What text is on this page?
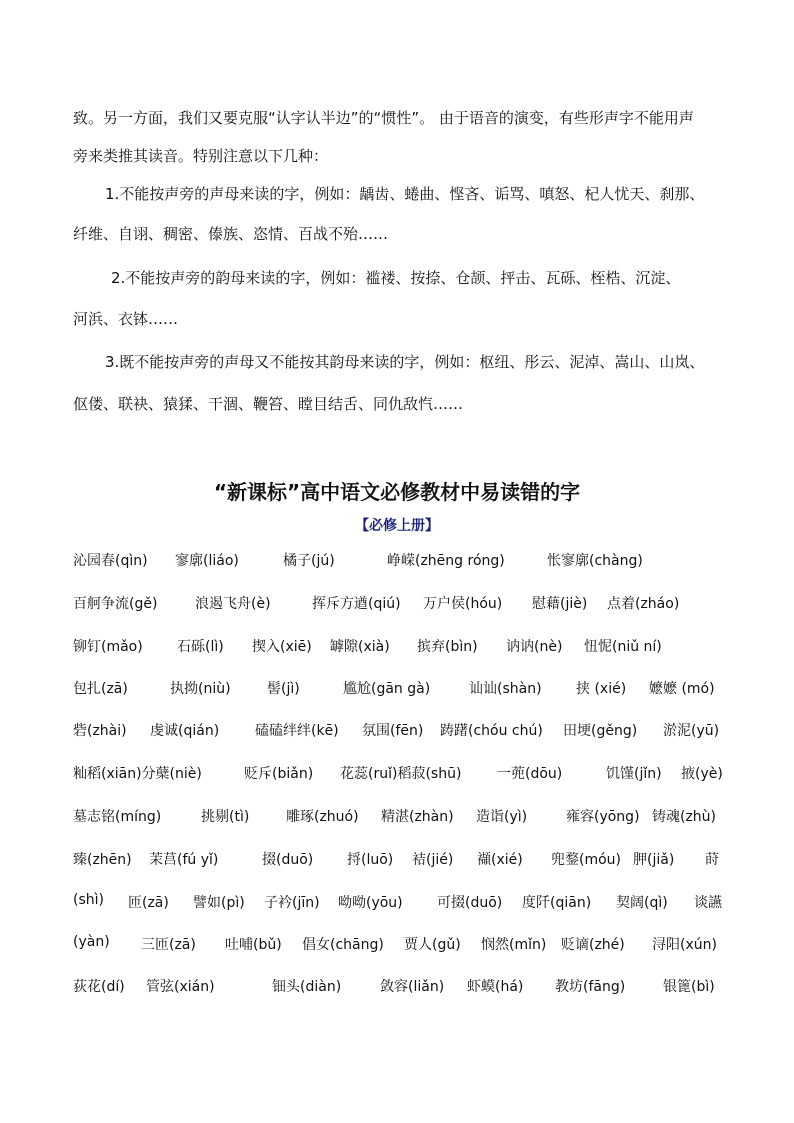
致。另一方面，我们又要克服“认字认半边”的“惯性”。 由于语音的演变，有些形声字不能用声
旁来类推其读音。特别注意以下几种：
1.不能按声旁的声母来读的字，例如：龋齿、蜷曲、悭吝、诟骂、嗔怒、杞人忧天、刹那、
纤维、自诩、稠密、傣族、恣情、百战不殆……
2.不能按声旁的韵母来读的字，例如：褴褛、按捺、仓颉、抨击、瓦砾、桎梏、沉淀、
河浜、衣钵……
3.既不能按声旁的声母又不能按其韵母来读的字，例如：枢纽、彤云、泥淖、嵩山、山岚、
伛偻、联袂、猿猱、干涸、鞭笞、瞠目结舌、同仇敌忾……
“新课标”高中语文必修教材中易读错的字
【必修上册】
沁园春(qìn) 寥廓(liáo)	橘子(jú)	峥嵘(zhēng róng)	怅寥廓(chàng)
百舸争流(gě)	浪遏飞舟(è)	挥斥方遒(qiú) 万户侯(hóu) 慰藉(jiè) 点着(zháo)
铆钉(mǎo) 石砾(lì) 揳入(xiē) 罅隙(xià) 摈弃(bìn) 讷讷(nè) 忸怩(niǔ ní)
包扎(zā)	执拗(niù)	髻(jì)	尴尬(gān gà)	讪讪(shàn) 挟 (xié) 嬷嬷 (mó)
砦(zhài) 虔诚(qián)	磕磕绊绊(kē) 氛围(fēn) 踌躇(chóu chú) 田埂(gěng) 淤泥(yū)
籼稻(xiān)分蘖(niè)	贬斥(biǎn) 花蕊(ruǐ)稻菽(shū)	一蔸(dōu)	饥馑(jǐn) 掖(yè)
墓志铭(míng)	挑剔(tì)	雕琢(zhuó) 精湛(zhàn) 造诣(yì)	雍容(yōng) 铸魂(zhù)
臻(zhēn) 茉莒(fú yǐ)	掇(duō) 捋(luō) 袺(jié) 襭(xié) 兜鍪(móu) 胛(jiǎ) 莳
(shì) 匝(zā) 譬如(pì) 子衿(jīn) 呦呦(yōu) 可掇(duō) 度阡(qiān) 契阔(qì) 谈讌
(yàn) 三匝(zā) 吐哺(bǔ) 倡女(chāng) 贾人(gǔ) 悯然(mǐn) 贬谪(zhé) 浔阳(xún)
荻花(dí) 管弦(xián)	钿头(diàn)	敛容(liǎn) 虾蟆(há) 教坊(fāng)	银篦(bì)
